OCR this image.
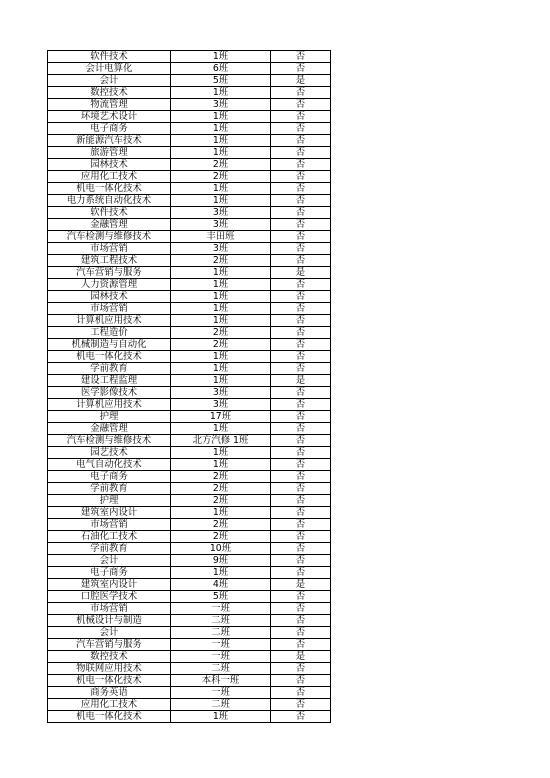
软件技术	1班	否
会计电算化	6班	否
会计	5班	是
数控技术	1班	否
物流管理	3班	否
环境艺术设计	1班	否
电子商务	1班	否
新能源汽车技术	1班	否
旅游管理	1班	否
园林技术	2班	否
应用化工技术	2班	否
机电一体化技术	1班	否
电力系统自动化技术	1班	否
软件技术	3班	否
金融管理	3班	否
汽车检测与维修技术	丰田班	否
市场营销	3班	否
建筑工程技术	2班	否
汽车营销与服务	1班	是
人力资源管理	1班	否
园林技术	1班	否
市场营销	1班	否
计算机应用技术	1班	否
工程造价	2班	否
机械制造与自动化	2班	否
机电一体化技术	1班	否
学前教育	1班	否
建设工程监理	1班	是
医学影像技术	3班	否
计算机应用技术	3班	否
护理	17班	否
金融管理	1班	否
汽车检测与维修技术	北方汽修 1班	否
园艺技术	1班	否
电气自动化技术	1班	否
电子商务	2班	否
学前教育	2班	否
护理	2班	否
建筑室内设计	1班	否
市场营销	2班	否
石油化工技术	2班	否
学前教育	10班	否
会计	9班	否
电子商务	1班	否
建筑室内设计	4班	是
口腔医学技术	5班	否
市场营销	一班	否
机械设计与制造	二班	否
会计	二班	否
汽车营销与服务	一班	否
数控技术	一班	是
物联网应用技术	二班	否
机电一体化技术	本科一班	否
商务英语	一班	否
应用化工技术	二班	否
机电一体化技术	1班	否
